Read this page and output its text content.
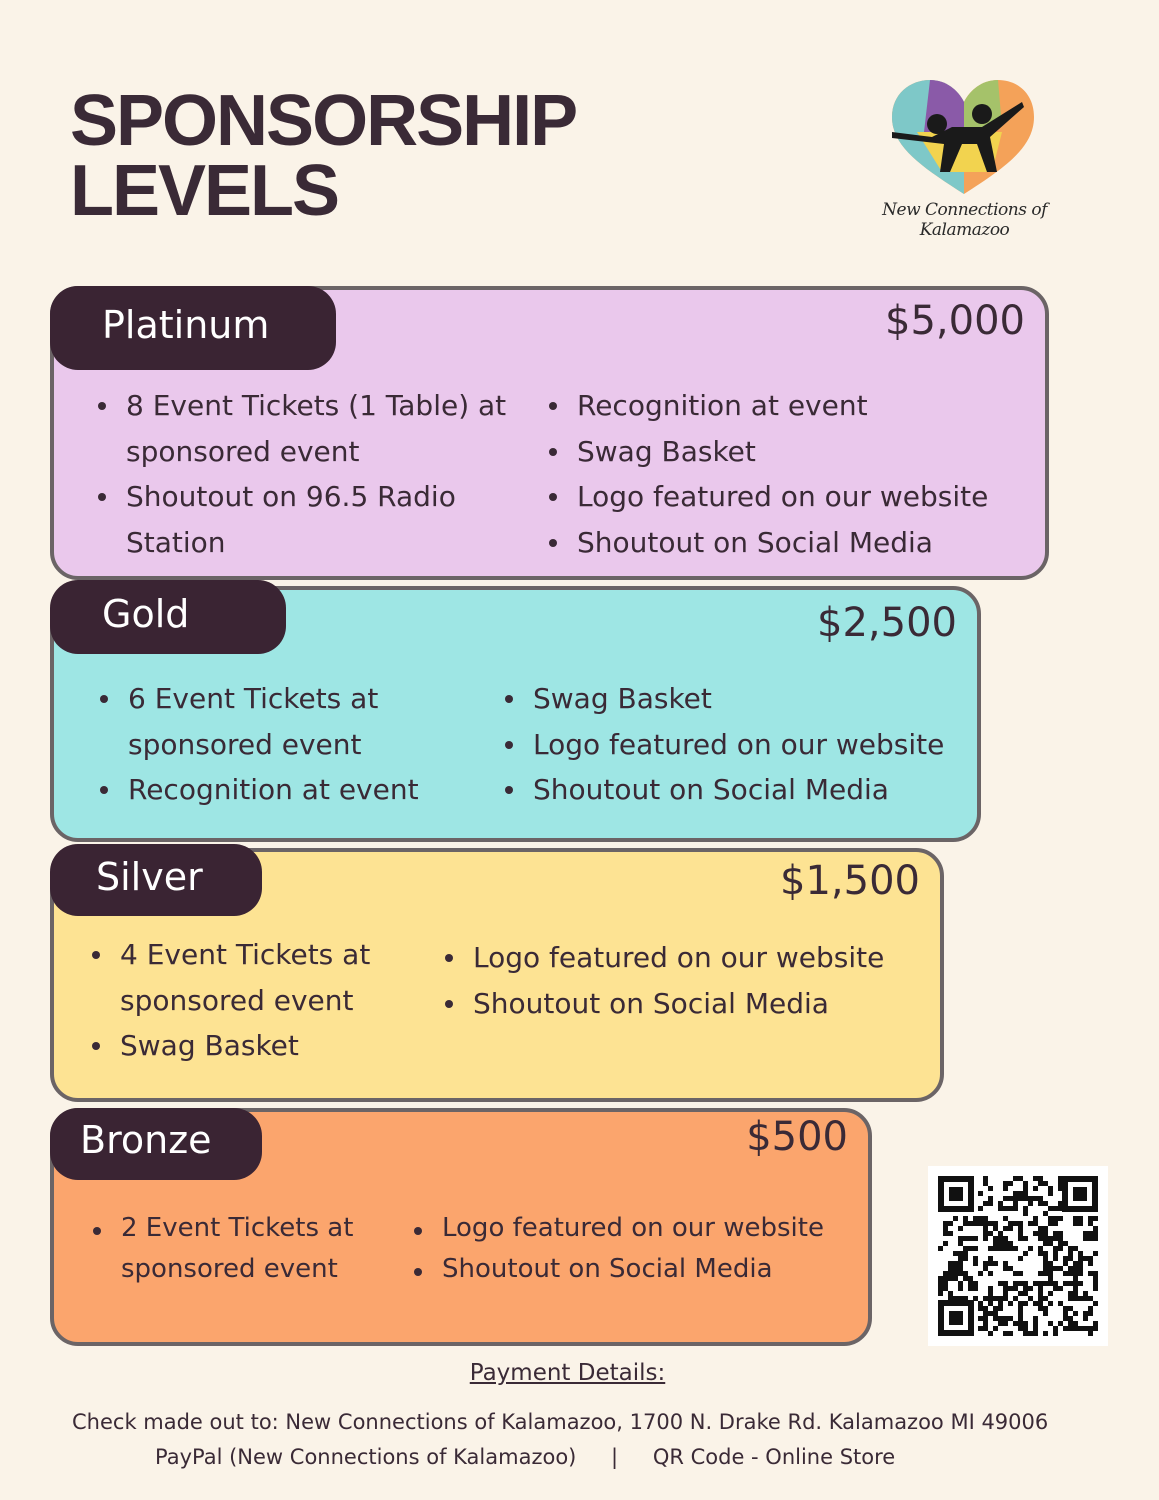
SPONSORSHIP
LEVELS	New Connections of Kalamazoo
Platinum	$5,000
8 Event Tickets (1 Table) at sponsored event
Shoutout on 96.5 Radio Station
Recognition at event
Swag Basket
Logo featured on our website
Shoutout on Social Media
Gold	$2,500
6 Event Tickets at sponsored event
Recognition at event
Swag Basket
Logo featured on our website
Shoutout on Social Media
Silver	$1,500
4 Event Tickets at sponsored event
Swag Basket
Logo featured on our website
Shoutout on Social Media
Bronze	$500
2 Event Tickets at sponsored event
Logo featured on our website
Shoutout on Social Media
Payment Details:
Check made out to: New Connections of Kalamazoo, 1700 N. Drake Rd. Kalamazoo MI 49006
PayPal (New Connections of Kalamazoo) | QR Code - Online Store
